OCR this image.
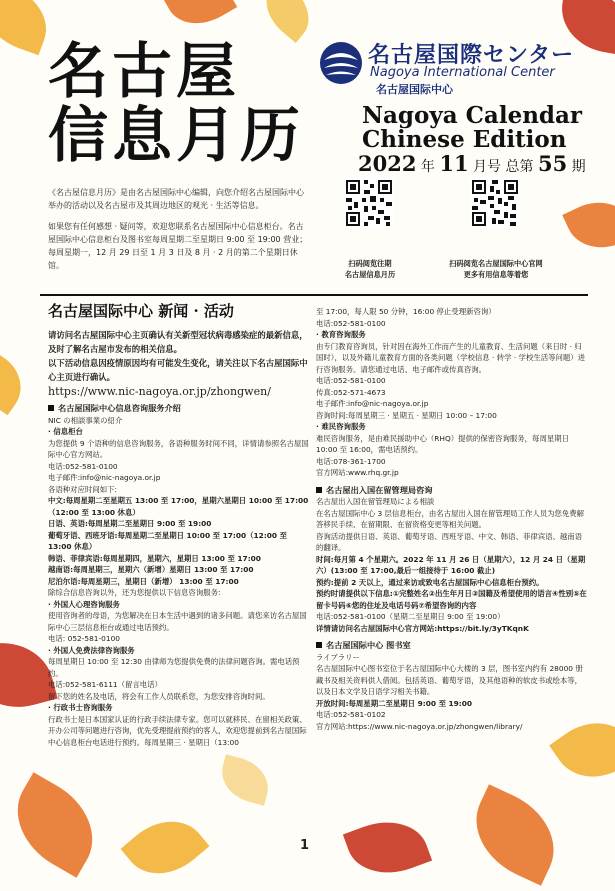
名古屋
信息月历
名古屋国際センター
Nagoya International Center
名古屋国际中心
Nagoya Calendar
Chinese Edition
2022 年 11 月号 总第 55 期

《名古屋信息月历》是由名古屋国际中心编辑，向您介绍名古屋国际中心举办的活动以及名古屋市及其周边地区的观光 · 生活等信息。

如果您有任何感想 · 疑问等，欢迎您联系名古屋国际中心信息柜台。名古屋国际中心信息柜台及图书室每周星期二至星期日 9:00 至 19:00 营业；每周星期一，12 月 29 日至 1 月 3 日及 8 月 · 2 月的第二个星期日休馆。	扫码阅览往期
名古屋信息月历
扫码阅览名古屋国际中心官网
更多有用信息等着您
名古屋国际中心 新闻 · 活动
请访问名古屋国际中心主页确认有关新型冠状病毒感染症的最新信息，及时了解名古屋市发布的相关信息。
以下活动信息因疫情原因均有可能发生变化，请关注以下名古屋国际中心主页进行确认。
https://www.nic-nagoya.or.jp/zhongwen/
名古屋国际中心信息咨询服务介绍
NIC の相談事業の紹介
· 信息柜台
为您提供 9 个语种的信息咨询服务，各语种服务时间不同，详情请参照名古屋国际中心官方网站。
电话:052-581-0100
电子邮件:info@nic-nagoya.or.jp
各语种对应时间如下:
中文:每周星期二至星期五 13:00 至 17:00，星期六星期日 10:00 至 17:00（12:00 至 13:00 休息）
日语、英语:每周星期二至星期日 9:00 至 19:00
葡萄牙语、西班牙语:每周星期二至星期日 10:00 至 17:00（12:00 至 13:00 休息）
韩语、菲律宾语:每周星期四，星期六，星期日 13:00 至 17:00
越南语:每周星期三，星期六（新增）星期日 13:00 至 17:00
尼泊尔语:每周星期三，星期日（新增） 13:00 至 17:00
除综合信息咨询以外，还为您提供以下信息咨询服务:
· 外国人心理咨询服务
使用咨询者的母语，为您解决在日本生活中遇到的诸多问题。请您来访名古屋国际中心三层信息柜台或通过电话预约。
电话: 052-581-0100
· 外国人免费法律咨询服务
每周星期日 10:00 至 12:30 由律师为您提供免费的法律问题咨询。需电话预约。
电话:052-581-6111（留言电话）
留下您的姓名及电话，将会有工作人员联系您，为您安排咨询时间。
· 行政书士咨询服务
行政书士是日本国家认证的行政手续法律专家。您可以就移民、在留相关政策、开办公司等问题进行咨询，优先受理提前预约的客人，欢迎您提前到名古屋国际中心信息柜台电话进行预约。每周星期三 · 星期日（13:00
至 17:00，每人限 50 分钟，16:00 停止受理新咨询）
电话:052-581-0100
· 教育咨询服务
由专门教育咨询员，针对因在海外工作而产生的儿童教育、生活问题（来日时 · 归国时），以及外籍儿童教育方面的各类问题（学校信息 · 转学 · 学校生活等问题）进行咨询服务。请您通过电话、电子邮件或传真咨询。
电话:052-581-0100
传真:052-571-4673
电子邮件:info@nic-nagoya.or.jp
咨询时间:每周星期三 · 星期五 · 星期日 10:00 – 17:00
· 难民咨询服务
难民咨询服务，是由难民援助中心（RHQ）提供的保密咨询服务，每周星期日 10:00 至 16:00，需电话预约。
电话:078-361-1700
官方网站:www.rhq.gr.jp
名古屋出入国在留管理局咨询
名古屋出入国在留管理局による相談
在名古屋国际中心 3 层信息柜台，由名古屋出入国在留管理局工作人员为您免费解答移民手续、在留期限、在留资格变更等相关问题。
咨询活动提供日语、英语、葡萄牙语、西班牙语、中文、韩语、菲律宾语、越南语的翻译。
时间:每月第 4 个星期六。2022 年 11 月 26 日（星期六），12 月 24 日（星期六）(13:00 至 17:00,最后一组接待于 16:00 截止)
预约:提前 2 天以上，通过来访或致电名古屋国际中心信息柜台预约。
预约时请提供以下信息:①完整姓名②出生年月日③国籍及希望使用的语言④性别⑤在留卡号码⑥您的住址及电话号码⑦希望咨询的内容
电话:052-581-0100（星期二至星期日 9:00 至 19:00）
详情请访问名古屋国际中心官方网站:https://bit.ly/3yTKqnK
名古屋国际中心 图书室
ライブラリー
名古屋国际中心图书室位于名古屋国际中心大楼的 3 层，图书室内约有 28000 册藏书及相关资料供人借阅。包括英语、葡萄牙语，及其他语种的软皮书或绘本等，以及日本文学及日语学习相关书籍。
开放时间:每周星期二至星期日 9:00 至 19:00
电话:052-581-0102
官方网站:https://www.nic-nagoya.or.jp/zhongwen/library/
1
